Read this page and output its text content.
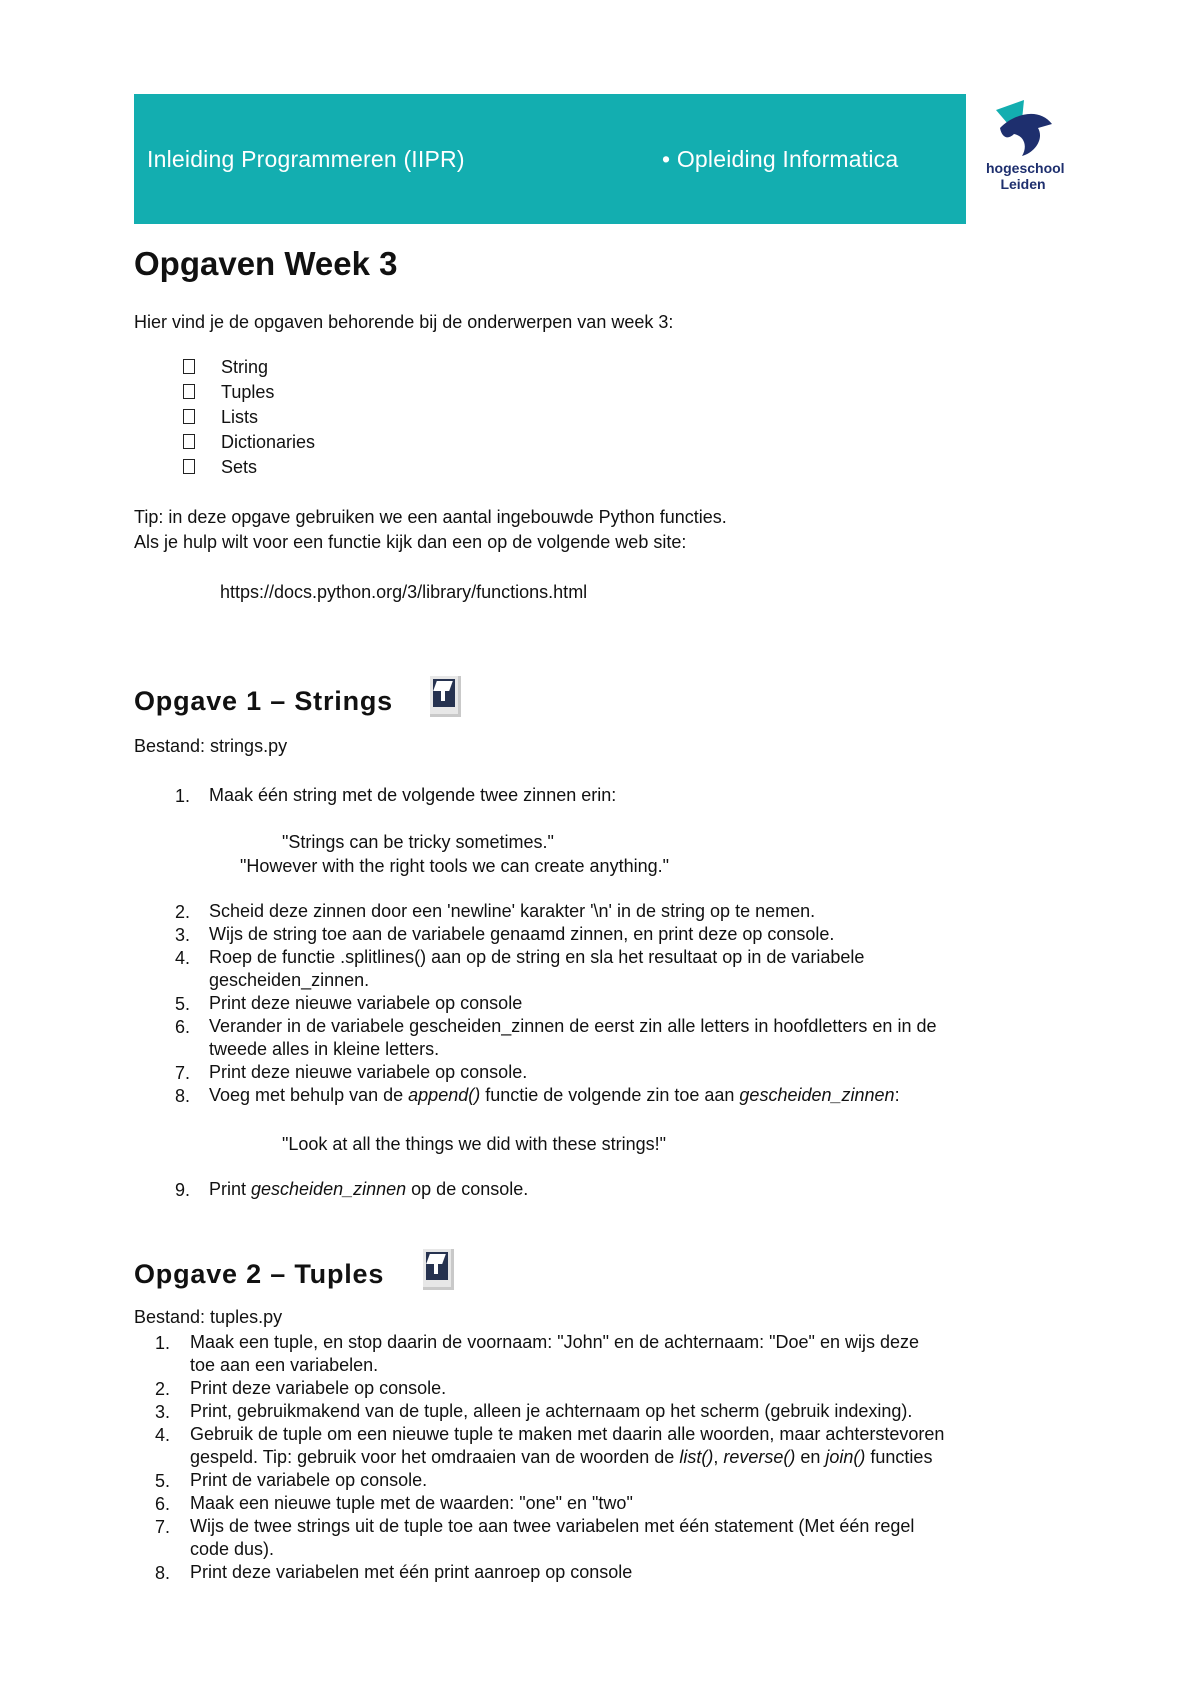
Inleiding Programmeren (IIPR)	• Opleiding Informatica	hogeschool
Leiden
Opgaven Week 3
Hier vind je de opgaven behorende bij de onderwerpen van week 3:
String
Tuples
Lists
Dictionaries
Sets
Tip: in deze opgave gebruiken we een aantal ingebouwde Python functies.
Als je hulp wilt voor een functie kijk dan een op de volgende web site:
https://docs.python.org/3/library/functions.html
Opgave 1 – Strings
Bestand: strings.py
1. Maak één string met de volgende twee zinnen erin:
"Strings can be tricky sometimes."
"However with the right tools we can create anything."
2. Scheid deze zinnen door een 'newline' karakter '\n' in de string op te nemen.
3. Wijs de string toe aan de variabele genaamd zinnen, en print deze op console.
4. Roep de functie .splitlines() aan op de string en sla het resultaat op in de variabele
gescheiden_zinnen.
5. Print deze nieuwe variabele op console
6. Verander in de variabele gescheiden_zinnen de eerst zin alle letters in hoofdletters en in de
tweede alles in kleine letters.
7. Print deze nieuwe variabele op console.
8. Voeg met behulp van de append() functie de volgende zin toe aan gescheiden_zinnen:
"Look at all the things we did with these strings!"
9. Print gescheiden_zinnen op de console.
Opgave 2 – Tuples
Bestand: tuples.py
1. Maak een tuple, en stop daarin de voornaam: "John" en de achternaam: "Doe" en wijs deze
toe aan een variabelen.
2. Print deze variabele op console.
3. Print, gebruikmakend van de tuple, alleen je achternaam op het scherm (gebruik indexing).
4. Gebruik de tuple om een nieuwe tuple te maken met daarin alle woorden, maar achterstevoren
gespeld. Tip: gebruik voor het omdraaien van de woorden de list(), reverse() en join() functies
5. Print de variabele op console.
6. Maak een nieuwe tuple met de waarden: "one" en "two"
7. Wijs de twee strings uit de tuple toe aan twee variabelen met één statement (Met één regel
code dus).
8. Print deze variabelen met één print aanroep op console
